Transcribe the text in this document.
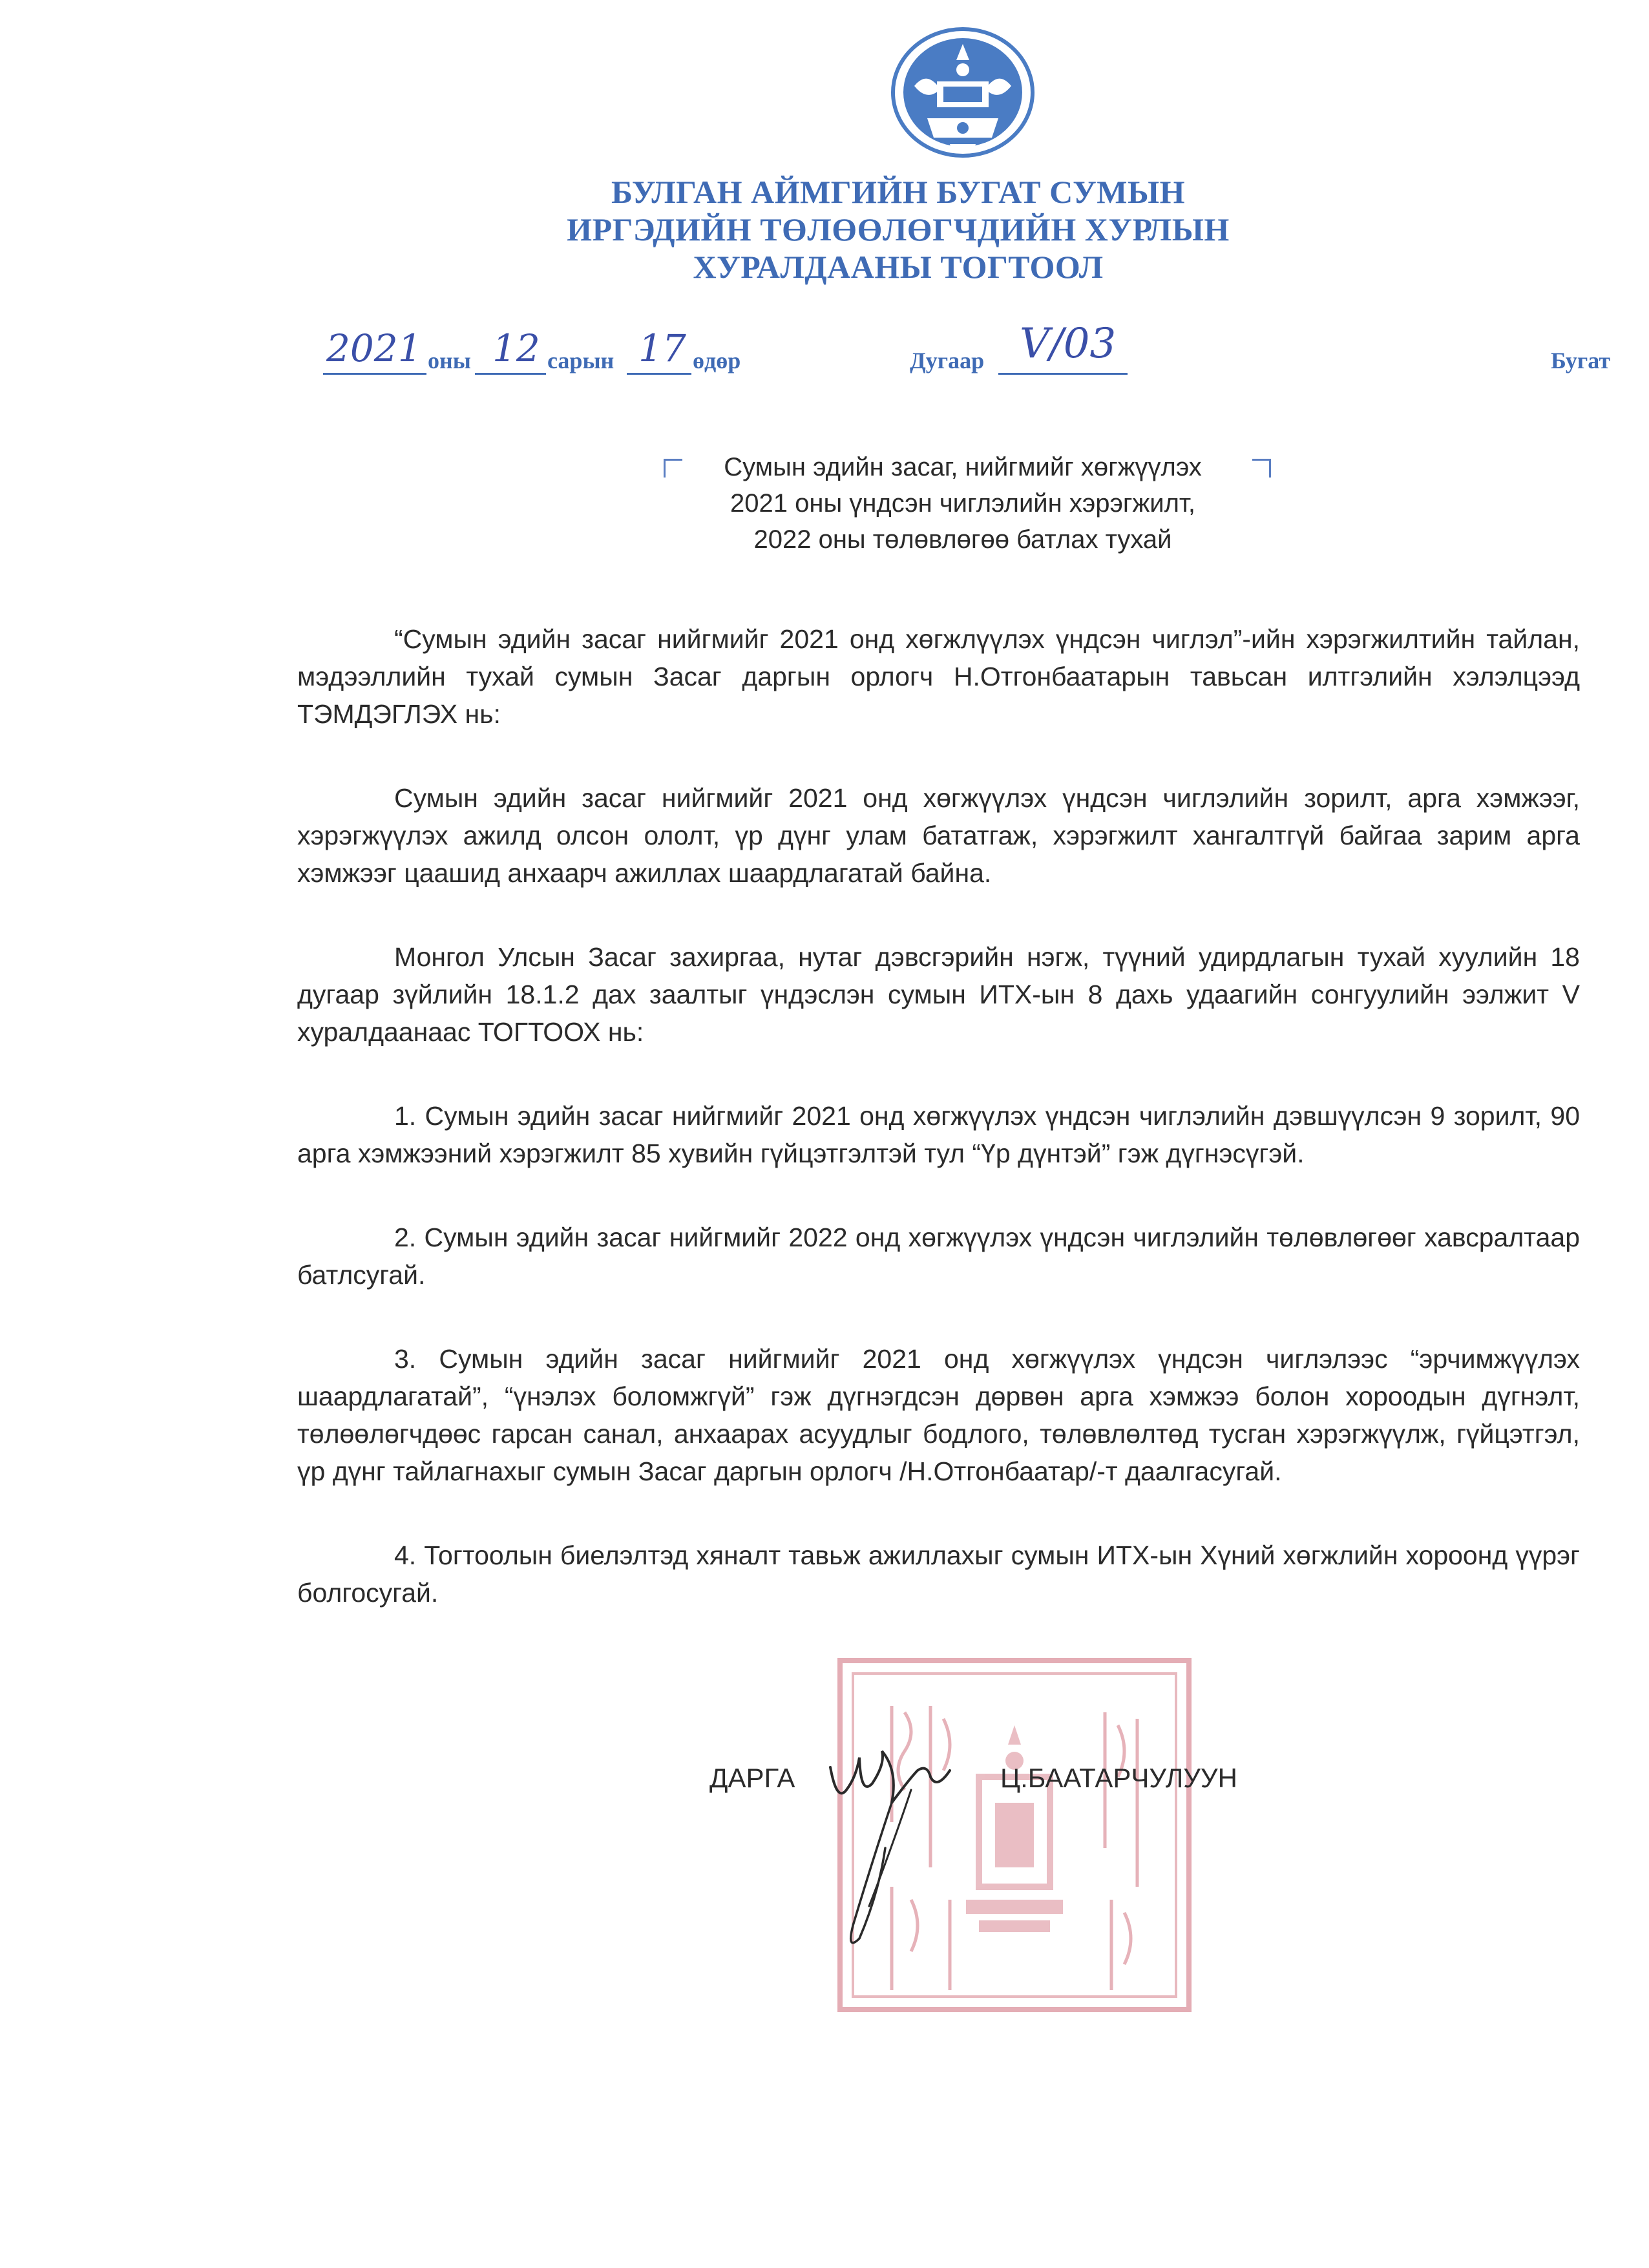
БУЛГАН АЙМГИЙН БУГАТ СУМЫН
ИРГЭДИЙН ТӨЛӨӨЛӨГЧДИЙН ХУРЛЫН
ХУРАЛДААНЫ ТОГТООЛ
2021 оны 12 сарын 17 өдөр	Дугаар V/03	Бугат
Сумын эдийн засаг, нийгмийг хөгжүүлэх
2021 оны үндсэн чиглэлийн хэрэгжилт,
2022 оны төлөвлөгөө батлах тухай

“Сумын эдийн засаг нийгмийг 2021 онд хөгжлүүлэх үндсэн чиглэл”-ийн хэрэгжилтийн тайлан, мэдээллийн тухай сумын Засаг даргын орлогч Н.Отгонбаатарын тавьсан илтгэлийн хэлэлцээд ТЭМДЭГЛЭХ нь:

Сумын эдийн засаг нийгмийг 2021 онд хөгжүүлэх үндсэн чиглэлийн зорилт, арга хэмжээг, хэрэгжүүлэх ажилд олсон ололт, үр дүнг улам бататгаж, хэрэгжилт хангалтгүй байгаа зарим арга хэмжээг цаашид анхаарч ажиллах шаардлагатай байна.

Монгол Улсын Засаг захиргаа, нутаг дэвсгэрийн нэгж, түүний удирдлагын тухай хуулийн 18 дугаар зүйлийн 18.1.2 дах заалтыг үндэслэн сумын ИТХ-ын 8 дахь удаагийн сонгуулийн ээлжит V хуралдаанаас ТОГТООХ нь:

1. Сумын эдийн засаг нийгмийг 2021 онд хөгжүүлэх үндсэн чиглэлийн дэвшүүлсэн 9 зорилт, 90 арга хэмжээний хэрэгжилт 85 хувийн гүйцэтгэлтэй тул “Үр дүнтэй” гэж дүгнэсүгэй.

2. Сумын эдийн засаг нийгмийг 2022 онд хөгжүүлэх үндсэн чиглэлийн төлөвлөгөөг хавсралтаар батлсугай.

3. Сумын эдийн засаг нийгмийг 2021 онд хөгжүүлэх үндсэн чиглэлээс “эрчимжүүлэх шаардлагатай”, “үнэлэх боломжгүй” гэж дүгнэгдсэн дөрвөн арга хэмжээ болон хороодын дүгнэлт, төлөөлөгчдөөс гарсан санал, анхаарах асуудлыг бодлого, төлөвлөлтөд тусган хэрэгжүүлж, гүйцэтгэл, үр дүнг тайлагнахыг сумын Засаг даргын орлогч /Н.Отгонбаатар/-т даалгасугай.

4. Тогтоолын биелэлтэд хяналт тавьж ажиллахыг сумын ИТХ-ын Хүний хөгжлийн хороонд үүрэг болгосугай.

ДАРГА	Ц.БААТАРЧУЛУУН
